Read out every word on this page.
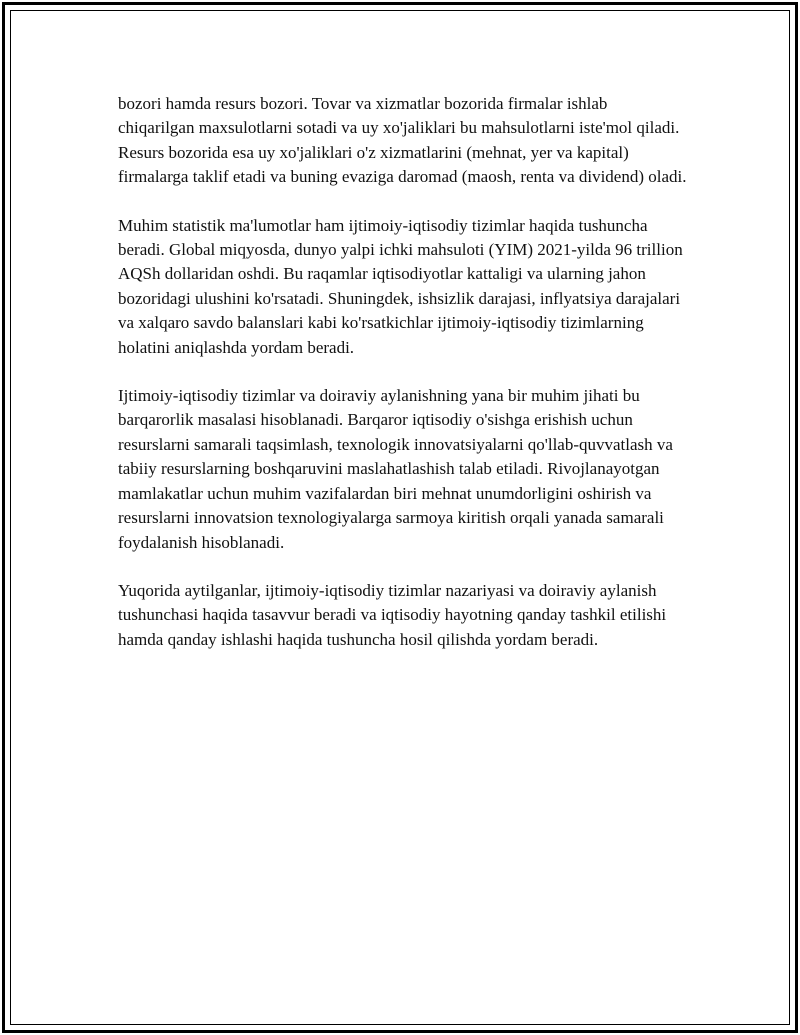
bozori hamda resurs bozori. Tovar va xizmatlar bozorida firmalar ishlab chiqarilgan maxsulotlarni sotadi va uy xo'jaliklari bu mahsulotlarni iste'mol qiladi. Resurs bozorida esa uy xo'jaliklari o'z xizmatlarini (mehnat, yer va kapital) firmalarga taklif etadi va buning evaziga daromad (maosh, renta va dividend) oladi.

Muhim statistik ma'lumotlar ham ijtimoiy-iqtisodiy tizimlar haqida tushuncha beradi. Global miqyosda, dunyo yalpi ichki mahsuloti (YIM) 2021-yilda 96 trillion AQSh dollaridan oshdi. Bu raqamlar iqtisodiyotlar kattaligi va ularning jahon bozoridagi ulushini ko'rsatadi. Shuningdek, ishsizlik darajasi, inflyatsiya darajalari va xalqaro savdo balanslari kabi ko'rsatkichlar ijtimoiy-iqtisodiy tizimlarning holatini aniqlashda yordam beradi.

Ijtimoiy-iqtisodiy tizimlar va doiraviy aylanishning yana bir muhim jihati bu barqarorlik masalasi hisoblanadi. Barqaror iqtisodiy o'sishga erishish uchun resurslarni samarali taqsimlash, texnologik innovatsiyalarni qo'llab-quvvatlash va tabiiy resurslarning boshqaruvini maslahatlashish talab etiladi. Rivojlanayotgan mamlakatlar uchun muhim vazifalardan biri mehnat unumdorligini oshirish va resurslarni innovatsion texnologiyalarga sarmoya kiritish orqali yanada samarali foydalanish hisoblanadi.

Yuqorida aytilganlar, ijtimoiy-iqtisodiy tizimlar nazariyasi va doiraviy aylanish tushunchasi haqida tasavvur beradi va iqtisodiy hayotning qanday tashkil etilishi hamda qanday ishlashi haqida tushuncha hosil qilishda yordam beradi.
